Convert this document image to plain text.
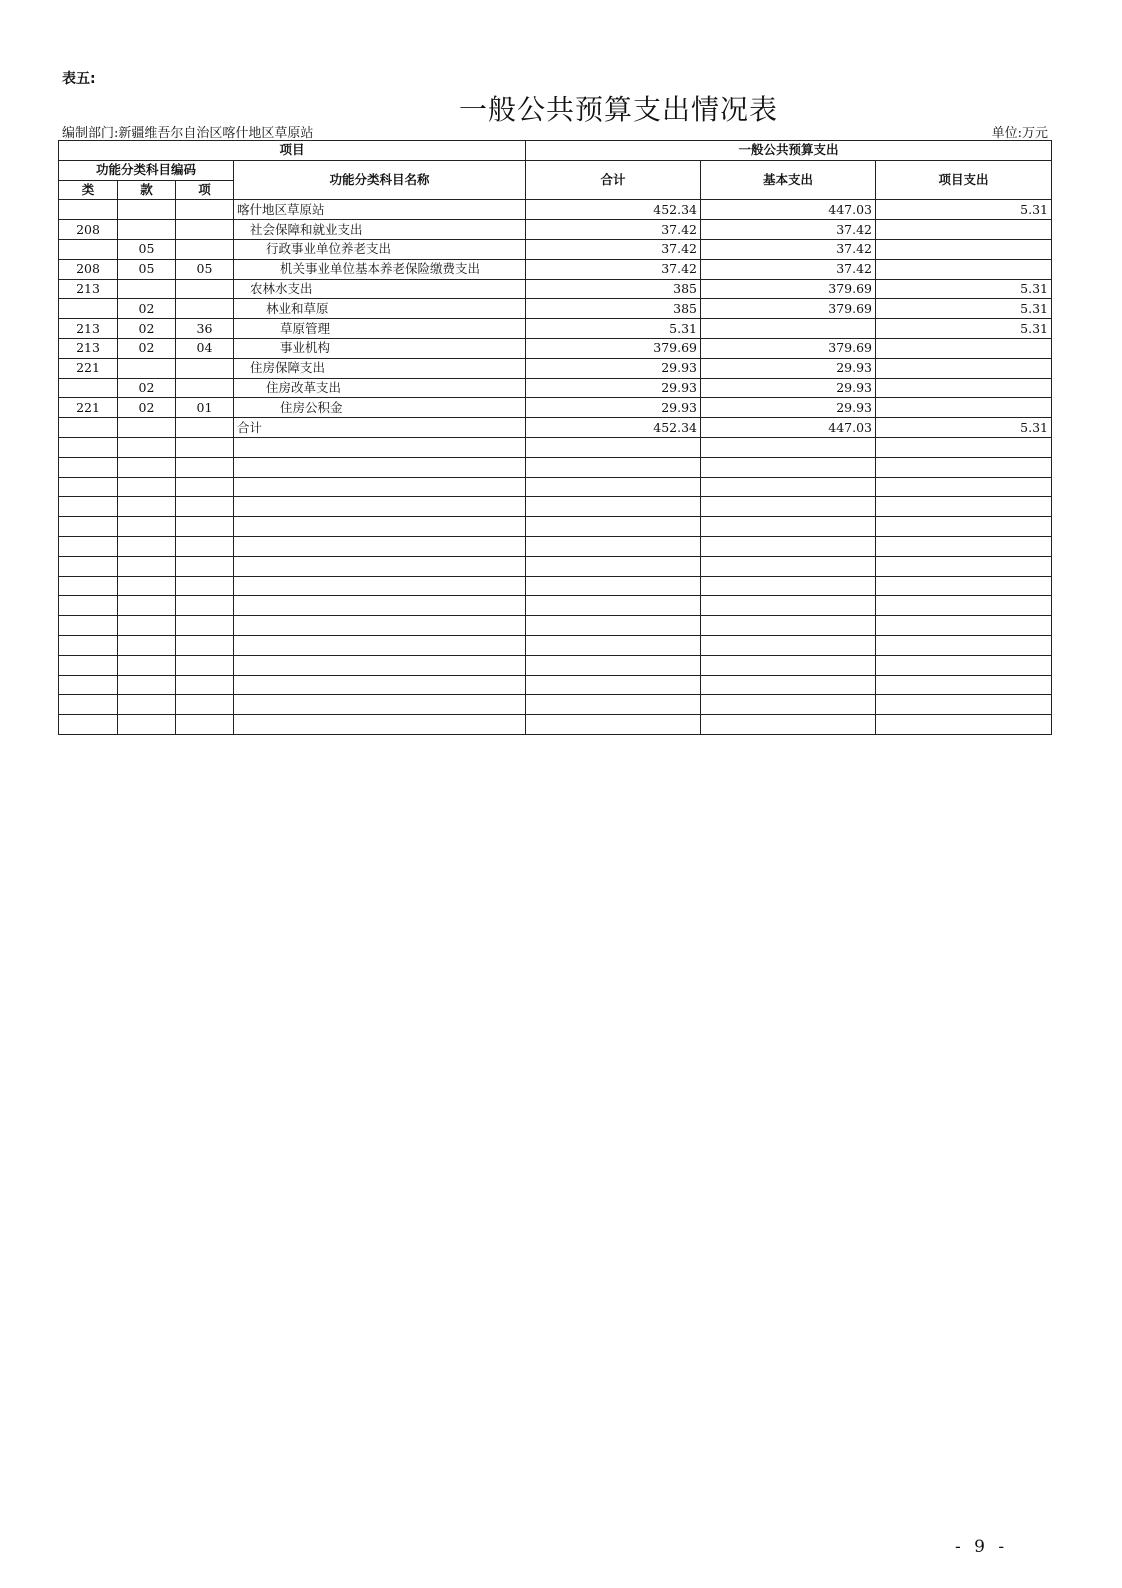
表五:
一般公共预算支出情况表
编制部门:新疆维吾尔自治区喀什地区草原站	单位:万元
项目				一般公共预算支出		
功能分类科目编码			功能分类科目名称	合计	基本支出	项目支出
类	款	项				
			喀什地区草原站	452.34	447.03	5.31
208			社会保障和就业支出	37.42	37.42	
	05		行政事业单位养老支出	37.42	37.42	
208	05	05	机关事业单位基本养老保险缴费支出	37.42	37.42	
213			农林水支出	385	379.69	5.31
	02		林业和草原	385	379.69	5.31
213	02	36	草原管理	5.31		5.31
213	02	04	事业机构	379.69	379.69	
221			住房保障支出	29.93	29.93	
	02		住房改革支出	29.93	29.93	
221	02	01	住房公积金	29.93	29.93	
			合计	452.34	447.03	5.31

- 9 -
